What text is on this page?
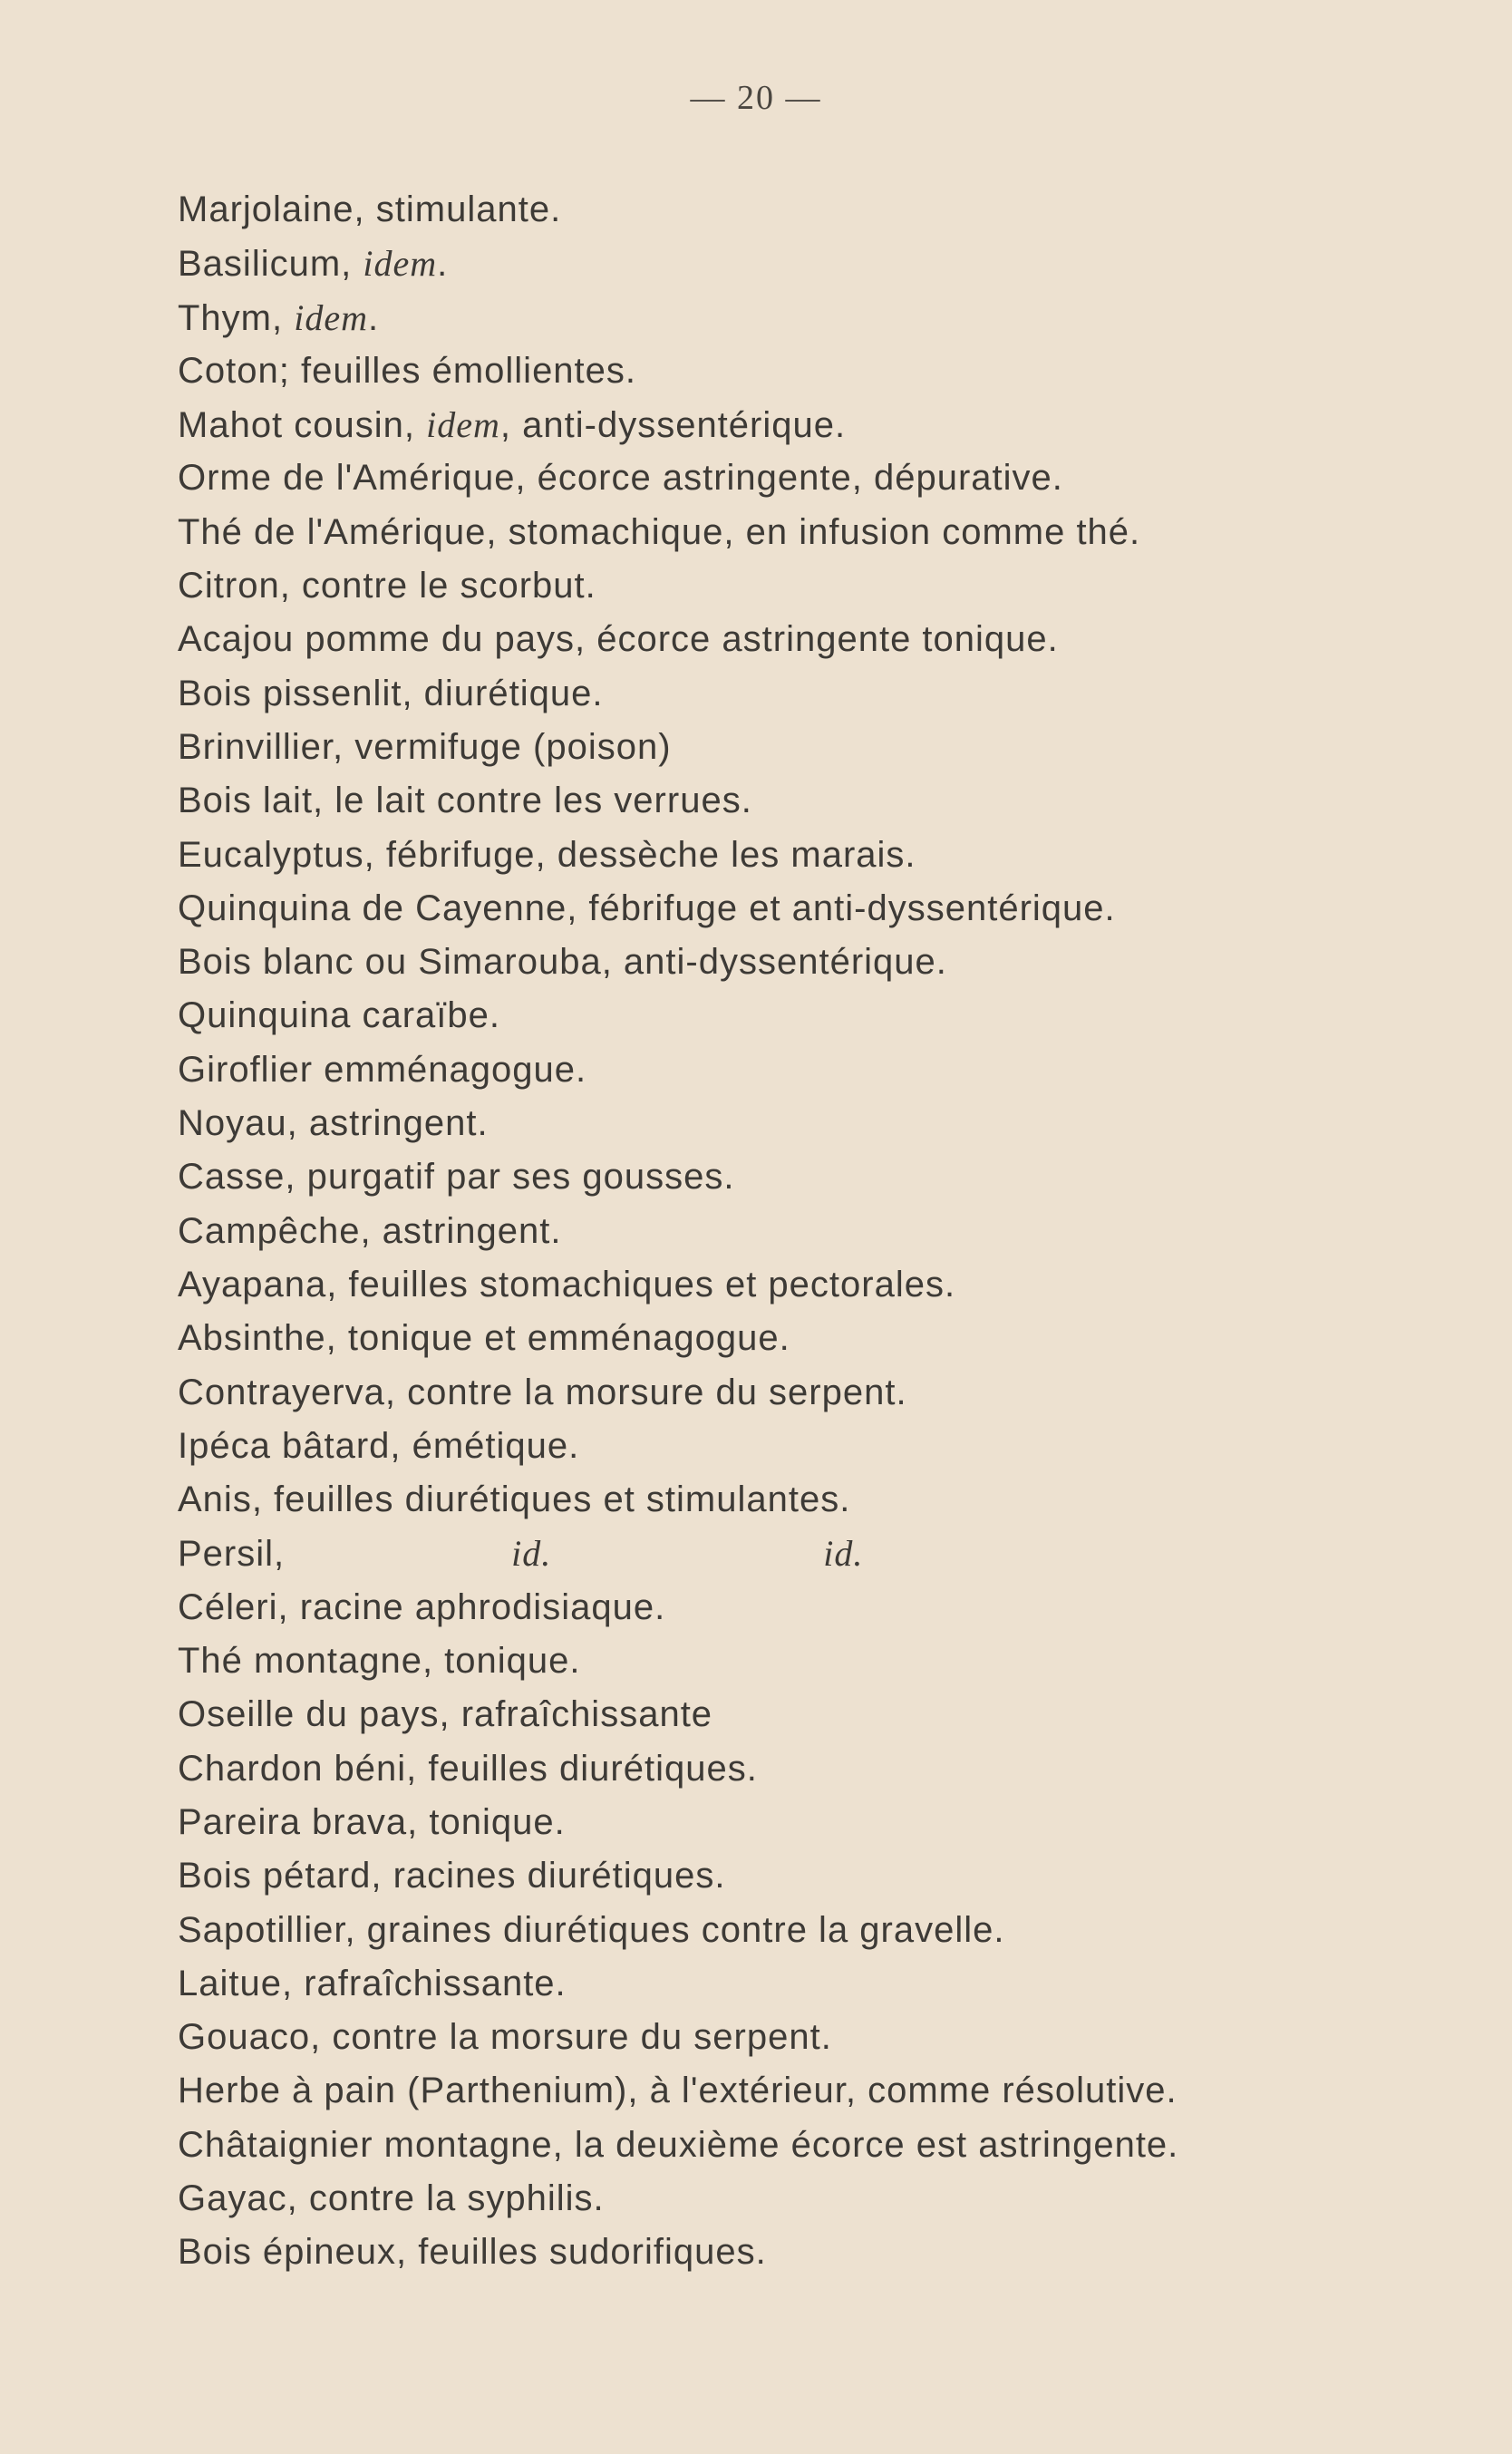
— 20 —
Marjolaine, stimulante.
Basilicum, idem.
Thym, idem.
Coton; feuilles émollientes.
Mahot cousin, idem, anti-dyssentérique.
Orme de l'Amérique, écorce astringente, dépurative.
Thé de l'Amérique, stomachique, en infusion comme thé.
Citron, contre le scorbut.
Acajou pomme du pays, écorce astringente tonique.
Bois pissenlit, diurétique.
Brinvillier, vermifuge (poison)
Bois lait, le lait contre les verrues.
Eucalyptus, fébrifuge, dessèche les marais.
Quinquina de Cayenne, fébrifuge et anti-dyssentérique.
Bois blanc ou Simarouba, anti-dyssentérique.
Quinquina caraïbe.
Giroflier emménagogue.
Noyau, astringent.
Casse, purgatif par ses gousses.
Campêche, astringent.
Ayapana, feuilles stomachiques et pectorales.
Absinthe, tonique et emménagogue.
Contrayerva, contre la morsure du serpent.
Ipéca bâtard, émétique.
Anis, feuilles diurétiques et stimulantes.
Persil,	id.	id.
Céleri, racine aphrodisiaque.
Thé montagne, tonique.
Oseille du pays, rafraîchissante
Chardon béni, feuilles diurétiques.
Pareira brava, tonique.
Bois pétard, racines diurétiques.
Sapotillier, graines diurétiques contre la gravelle.
Laitue, rafraîchissante.
Gouaco, contre la morsure du serpent.
Herbe à pain (Parthenium), à l'extérieur, comme résolutive.
Châtaignier montagne, la deuxième écorce est astringente.
Gayac, contre la syphilis.
Bois épineux, feuilles sudorifiques.
